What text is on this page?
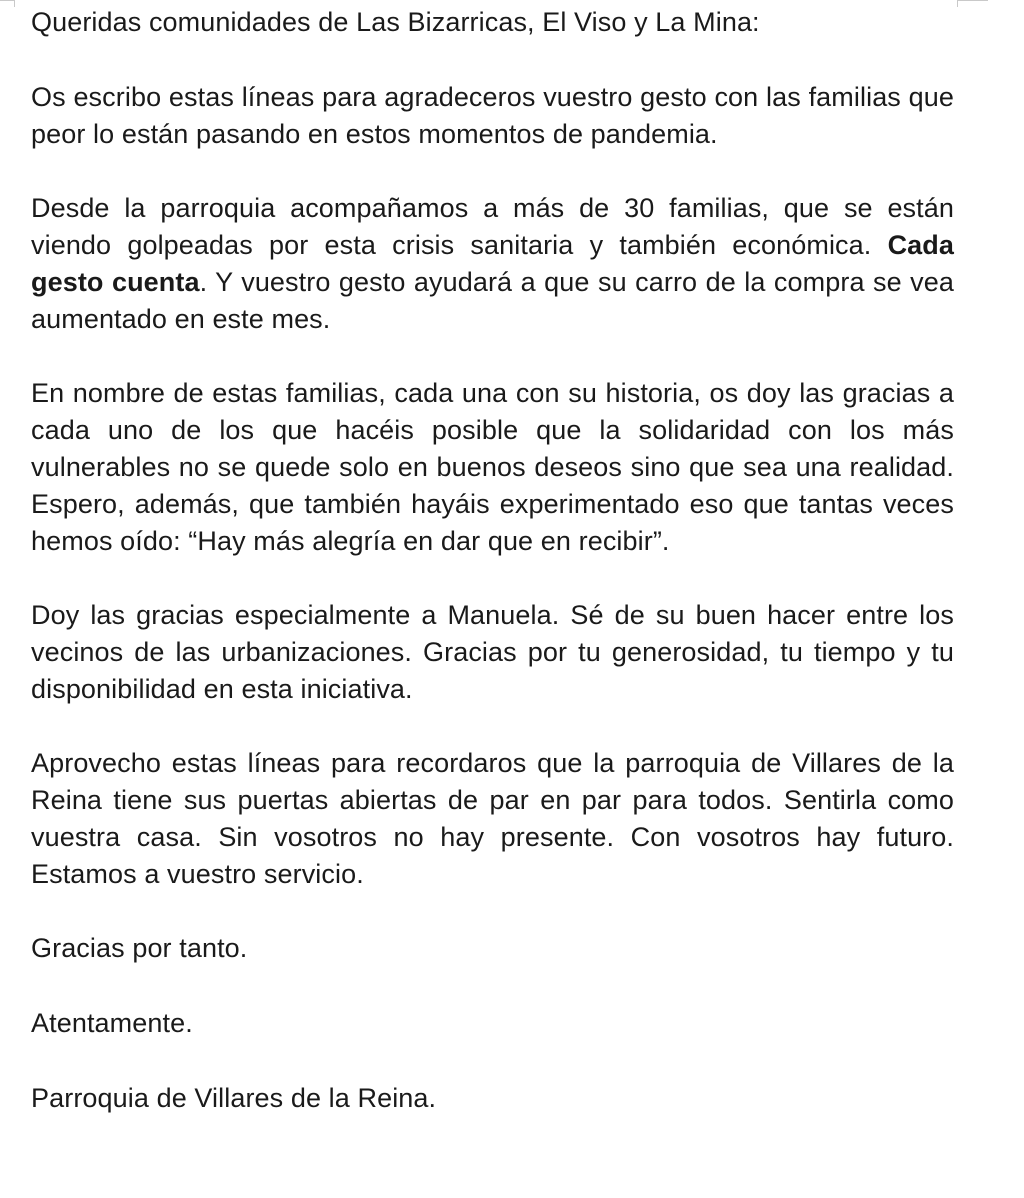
Queridas comunidades de Las Bizarricas, El Viso y La Mina:

Os escribo estas líneas para agradeceros vuestro gesto con las familias que peor lo están pasando en estos momentos de pandemia.

Desde la parroquia acompañamos a más de 30 familias, que se están viendo golpeadas por esta crisis sanitaria y también económica. Cada gesto cuenta. Y vuestro gesto ayudará a que su carro de la compra se vea aumentado en este mes.

En nombre de estas familias, cada una con su historia, os doy las gracias a cada uno de los que hacéis posible que la solidaridad con los más vulnerables no se quede solo en buenos deseos sino que sea una realidad. Espero, además, que también hayáis experimentado eso que tantas veces hemos oído: “Hay más alegría en dar que en recibir”.

Doy las gracias especialmente a Manuela. Sé de su buen hacer entre los vecinos de las urbanizaciones. Gracias por tu generosidad, tu tiempo y tu disponibilidad en esta iniciativa.

Aprovecho estas líneas para recordaros que la parroquia de Villares de la Reina tiene sus puertas abiertas de par en par para todos. Sentirla como vuestra casa. Sin vosotros no hay presente. Con vosotros hay futuro. Estamos a vuestro servicio.

Gracias por tanto.

Atentamente.

Parroquia de Villares de la Reina.
